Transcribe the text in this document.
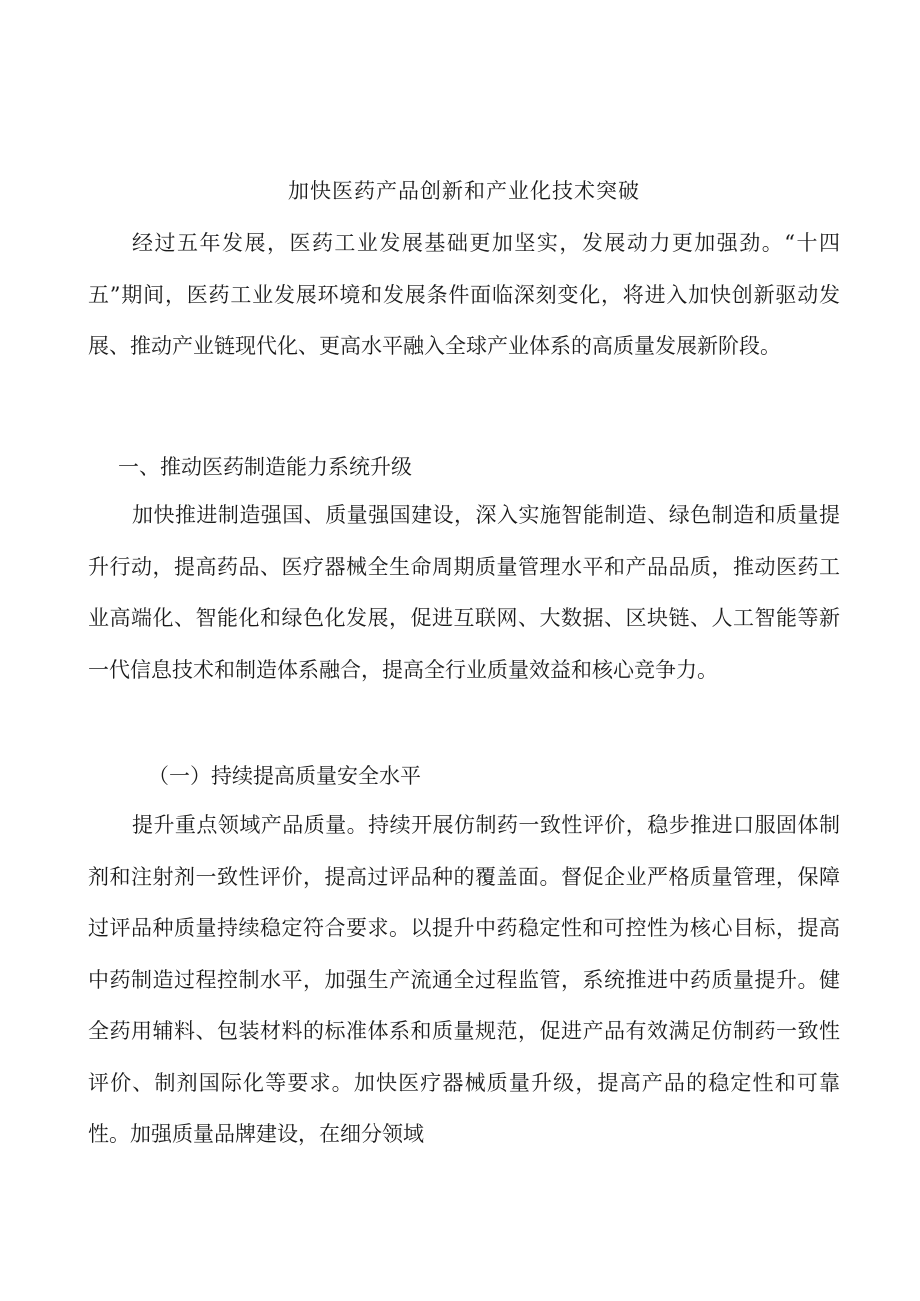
加快医药产品创新和产业化技术突破

经过五年发展，医药工业发展基础更加坚实，发展动力更加强劲。“十四五”期间，医药工业发展环境和发展条件面临深刻变化，将进入加快创新驱动发展、推动产业链现代化、更高水平融入全球产业体系的高质量发展新阶段。

一、推动医药制造能力系统升级

加快推进制造强国、质量强国建设，深入实施智能制造、绿色制造和质量提升行动，提高药品、医疗器械全生命周期质量管理水平和产品品质，推动医药工业高端化、智能化和绿色化发展，促进互联网、大数据、区块链、人工智能等新一代信息技术和制造体系融合，提高全行业质量效益和核心竞争力。

（一）持续提高质量安全水平

提升重点领域产品质量。持续开展仿制药一致性评价，稳步推进口服固体制剂和注射剂一致性评价，提高过评品种的覆盖面。督促企业严格质量管理，保障过评品种质量持续稳定符合要求。以提升中药稳定性和可控性为核心目标，提高中药制造过程控制水平，加强生产流通全过程监管，系统推进中药质量提升。健全药用辅料、包装材料的标准体系和质量规范，促进产品有效满足仿制药一致性评价、制剂国际化等要求。加快医疗器械质量升级，提高产品的稳定性和可靠性。加强质量品牌建设，在细分领域
